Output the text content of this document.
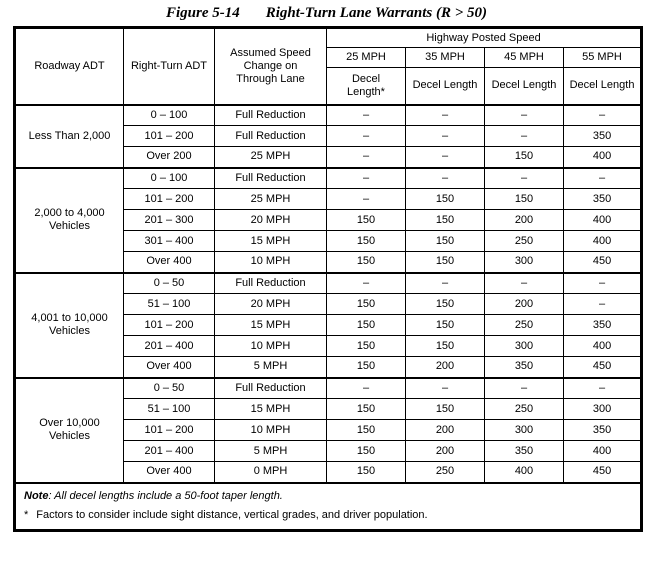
Figure 5-14 Right-Turn Lane Warrants (R > 50)
Roadway ADT	Right-Turn ADT	Assumed Speed Change on Through Lane	Highway Posted Speed			
			25 MPH	35 MPH	45 MPH	55 MPH
			Decel Length*	Decel Length	Decel Length	Decel Length
Less Than 2,000	0 – 100	Full Reduction	–	–	–	–
	101 – 200	Full Reduction	–	–	–	350
	Over 200	25 MPH	–	–	150	400
2,000 to 4,000 Vehicles	0 – 100	Full Reduction	–	–	–	–
	101 – 200	25 MPH	–	150	150	350
	201 – 300	20 MPH	150	150	200	400
	301 – 400	15 MPH	150	150	250	400
	Over 400	10 MPH	150	150	300	450
4,001 to 10,000 Vehicles	0 – 50	Full Reduction	–	–	–	–
	51 – 100	20 MPH	150	150	200	–
	101 – 200	15 MPH	150	150	250	350
	201 – 400	10 MPH	150	150	300	400
	Over 400	5 MPH	150	200	350	450
Over 10,000 Vehicles	0 – 50	Full Reduction	–	–	–	–
	51 – 100	15 MPH	150	150	250	300
	101 – 200	10 MPH	150	200	300	350
	201 – 400	5 MPH	150	200	350	400
	Over 400	0 MPH	150	250	400	450

Note: All decel lengths include a 50-foot taper length.
* Factors to consider include sight distance, vertical grades, and driver population.						
